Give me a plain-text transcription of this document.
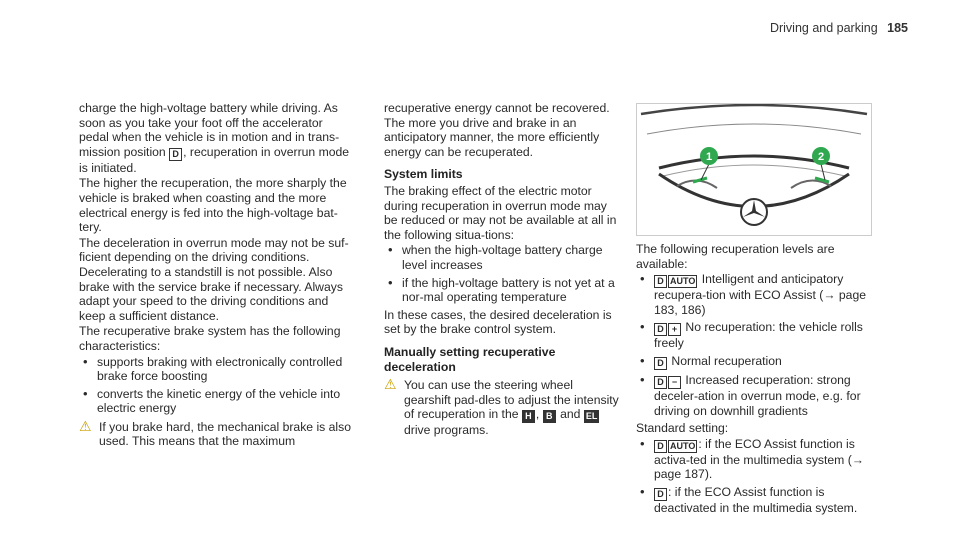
Driving and parking 185

charge the high-voltage battery while driving. As soon as you take your foot off the accelerator pedal when the vehicle is in motion and in trans-mission position D , recuperation in overrun mode is initiated.

The higher the recuperation, the more sharply the vehicle is braked when coasting and the more electrical energy is fed into the high-voltage bat-tery.

The deceleration in overrun mode may not be suf-ficient depending on the driving conditions. Decelerating to a standstill is not possible. Also brake with the service brake if necessary. Always adapt your speed to the driving conditions and keep a sufficient distance.

The recuperative brake system has the following characteristics:

• supports braking with electronically controlled brake force boosting
• converts the kinetic energy of the vehicle into electric energy
⚠ If you brake hard, the mechanical brake is also used. This means that the maximum

recuperative energy cannot be recovered. The more you drive and brake in an anticipatory manner, the more efficiently energy can be recuperated.

System limits

The braking effect of the electric motor during recuperation in overrun mode may be reduced or may not be available at all in the following situa-tions:

• when the high-voltage battery charge level increases
• if the high-voltage battery is not yet at a nor-mal operating temperature

In these cases, the desired deceleration is set by the brake control system.

Manually setting recuperative deceleration
⚠ You can use the steering wheel gearshift pad-dles to adjust the intensity of recuperation in the H , B and EL drive programs.
1	2

The following recuperation levels are available:

• D AUTO Intelligent and anticipatory recupera-tion with ECO Assist (→ page 183, 186)
• D + No recuperation: the vehicle rolls freely
• D Normal recuperation
• D − Increased recuperation: strong deceler-ation in overrun mode, e.g. for driving on downhill gradients

Standard setting:

• D AUTO : if the ECO Assist function is activa-ted in the multimedia system (→ page 187).
• D : if the ECO Assist function is deactivated in the multimedia system.
